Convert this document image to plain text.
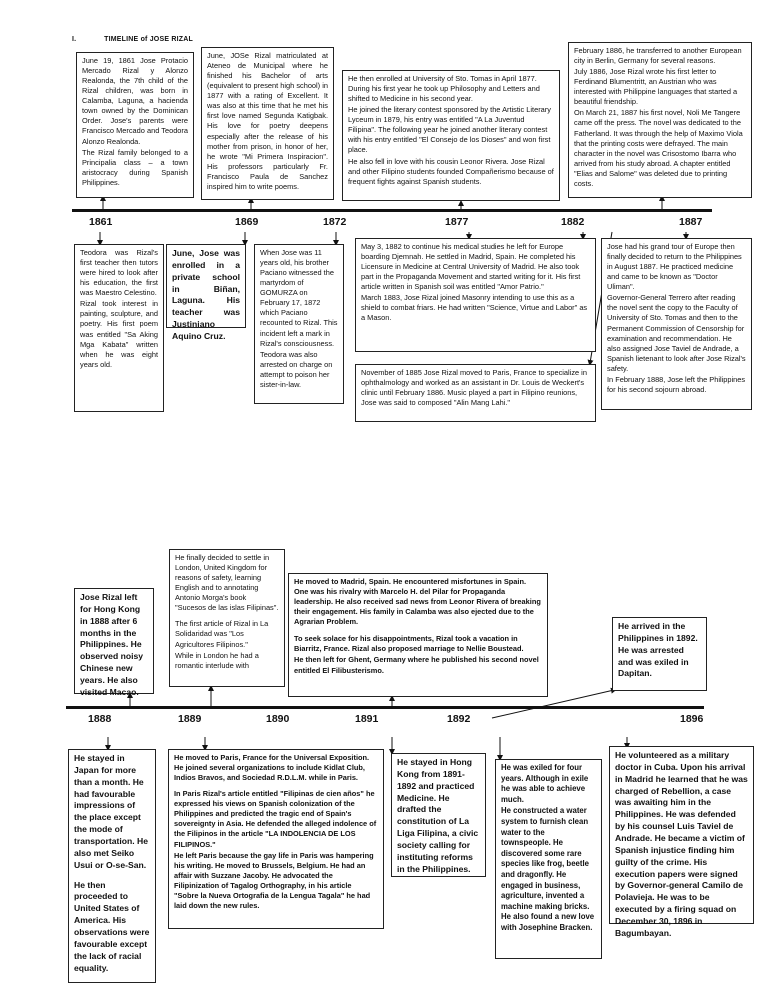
I.	TIMELINE of JOSE RIZAL
1861	1869	1872	1877	1882	1887

June 19, 1861 Jose Protacio Mercado Rizal y Alonzo Realonda, the 7th child of the Rizal children, was born in Calamba, Laguna, a hacienda town owned by the Dominican Order. Jose's parents were Francisco Mercado and Teodora Alonzo Realonda.

The Rizal family belonged to a Principalia class – a town aristocracy during Spanish Philippines.

June, JOSe Rizal matriculated at Ateneo de Municipal where he finished his Bachelor of arts (equivalent to present high school) in 1877 with a rating of Excellent. It was also at this time that he met his first love named Segunda Katigbak. His love for poetry deepens especially after the release of his mother from prison, in honor of her, he wrote "Mi Primera Inspiracion". His professors particularly Fr. Francisco Paula de Sanchez inspired him to write poems.

He then enrolled at University of Sto. Tomas in April 1877. During his first year he took up Philosophy and Letters and shifted to Medicine in his second year.

He joined the literary contest sponsored by the Artistic Literary Lyceum in 1879, his entry was entitled "A La Juventud Filipina". The following year he joined another literary contest with his entry entitled "El Consejo de los Dioses" and won first place.

He also fell in love with his cousin Leonor Rivera. Jose Rizal and other Filipino students founded Compañerismo because of frequent fights against Spanish students.

February 1886, he transferred to another European city in Berlin, Germany for several reasons.

July 1886, Jose Rizal wrote his first letter to Ferdinand Blumentritt, an Austrian who was interested with Philippine languages that started a beautiful friendship.

On March 21, 1887 his first novel, Noli Me Tangere came off the press. The novel was dedicated to the Fatherland. It was through the help of Maximo Viola that the printing costs were defrayed. The main character in the novel was Crisostomo Ibarra who arrived from his study abroad. A chapter entitled "Elias and Salome" was deleted due to printing costs.

Teodora was Rizal's first teacher then tutors were hired to look after his education, the first was Maestro Celestino.

Rizal took interest in painting, sculpture, and poetry. His first poem was entitled "Sa Aking Mga Kabata" written when he was eight years old.

June, Jose was enrolled in a private school in Biñan, Laguna. His teacher was Justiniano Aquino Cruz.

When Jose was 11 years old, his brother Paciano witnessed the martyrdom of GOMURZA on February 17, 1872 which Paciano recounted to Rizal. This incident left a mark in Rizal's consciousness.

Teodora was also arrested on charge on attempt to poison her sister-in-law.

May 3, 1882 to continue his medical studies he left for Europe boarding Djemnah. He settled in Madrid, Spain. He completed his Licensure in Medicine at Central University of Madrid. He also took part in the Propaganda Movement and started writing for it. His first article written in Spanish soil was entitled "Amor Patrio."

March 1883, Jose Rizal joined Masonry intending to use this as a shield to combat friars. He had written "Science, Virtue and Labor" as a Mason.

November of 1885 Jose Rizal moved to Paris, France to specialize in ophthalmology and worked as an assistant in Dr. Louis de Weckert's clinic until February 1886. Music played a part in Filipino reunions, Jose was said to composed "Alin Mang Lahi."

Jose had his grand tour of Europe then finally decided to return to the Philippines in August 1887. He practiced medicine and came to be known as "Doctor Uliman".

Governor-General Terrero after reading the novel sent the copy to the Faculty of University of Sto. Tomas and then to the Permanent Commission of Censorship for examination and recommendation. He also assigned Jose Taviel de Andrade, a Spanish lietenant to look after Jose Rizal's safety.

In February 1888, Jose left the Philippines for his second sojourn abroad.

1888	1889	1890	1891	1892	1896

Jose Rizal left for Hong Kong in 1888 after 6 months in the Philippines. He observed noisy Chinese new years. He also visited Macao.

He finally decided to settle in London, United Kingdom for reasons of safety, learning English and to annotating Antonio Morga's book "Sucesos de las islas Filipinas".

The first article of Rizal in La Solidaridad was "Los Agricultores Filipinos."

While in London he had a romantic interlude with

He moved to Madrid, Spain. He encountered misfortunes in Spain. One was his rivalry with Marcelo H. del Pilar for Propaganda leadership. He also received sad news from Leonor Rivera of breaking their engagement. His family in Calamba was also ejected due to the Agrarian Problem.

To seek solace for his disappointments, Rizal took a vacation in Biarritz, France. Rizal also proposed marriage to Nellie Boustead.

He then left for Ghent, Germany where he published his second novel entitled El Filibusterismo.

He arrived in the Philippines in 1892. He was arrested and was exiled in Dapitan.

He stayed in Japan for more than a month. He had favourable impressions of the place except the mode of transportation. He also met Seiko Usui or O-se-San.

He then proceeded to United States of America. His observations were favourable except the lack of racial equality.

He moved to Paris, France for the Universal Exposition. He joined several organizations to include Kidlat Club, Indios Bravos, and Sociedad R.D.L.M. while in Paris.

In Paris Rizal's article entitled "Filipinas de cien años" he expressed his views on Spanish colonization of the Philippines and predicted the tragic end of Spain's sovereignty in Asia. He defended the alleged indolence of the Filipinos in the article "LA INDOLENCIA DE LOS FILIPINOS."

He left Paris because the gay life in Paris was hampering his writing. He moved to Brussels, Belgium. He had an affair with Suzzane Jacoby. He advocated the Filipinization of Tagalog Orthography, in his article "Sobre la Nueva Ortografia de la Lengua Tagala" he had laid down the new rules.

He stayed in Hong Kong from 1891-1892 and practiced Medicine. He drafted the constitution of La Liga Filipina, a civic society calling for instituting reforms in the Philippines.

He was exiled for four years. Although in exile he was able to achieve much.

He constructed a water system to furnish clean water to the townspeople. He discovered some rare species like frog, beetle and dragonfly. He engaged in business, agriculture, invented a machine making bricks. He also found a new love with Josephine Bracken.

He volunteered as a military doctor in Cuba. Upon his arrival in Madrid he learned that he was charged of Rebellion, a case was awaiting him in the Philippines. He was defended by his counsel Luis Taviel de Andrade. He became a victim of Spanish injustice finding him guilty of the crime. His execution papers were signed by Governor-general Camilo de Polavieja. He was to be executed by a firing squad on December 30, 1896 in Bagumbayan.
